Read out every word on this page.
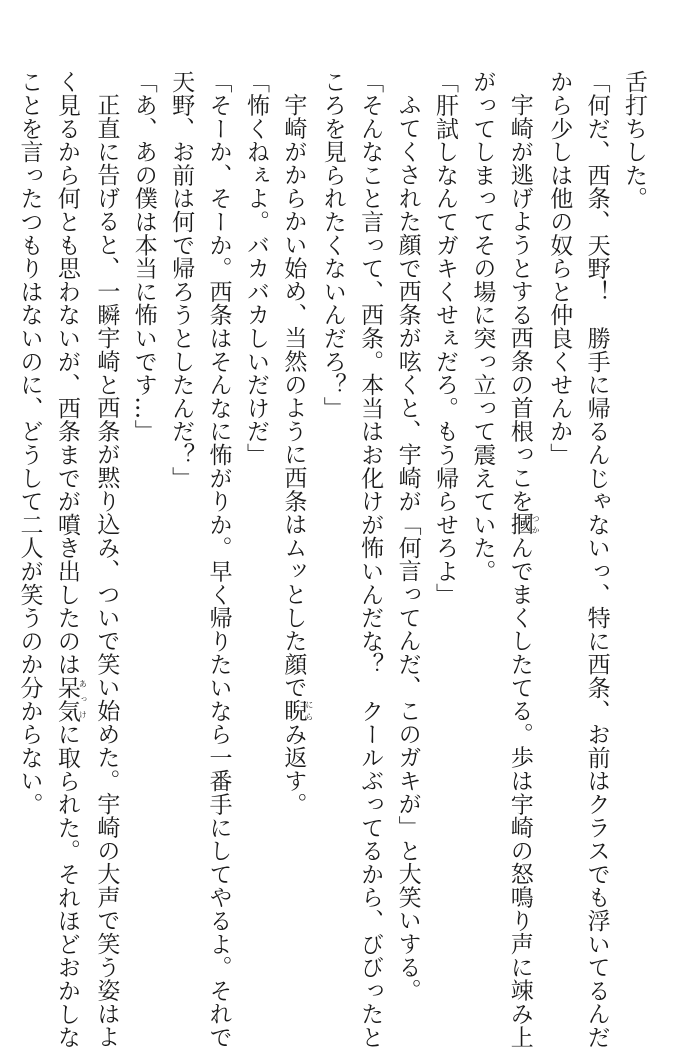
舌打ちした。

「何だ、西条、天野！　勝手に帰るんじゃないっ、特に西条、お前はクラスでも浮いてるんだ

から少しは他の奴らと仲良くせんか」

宇崎が逃げようとする西条の首根っこを摑つかんでまくしたてる。歩は宇崎の怒鳴り声に竦み上

がってしまってその場に突っ立って震えていた。

「肝試しなんてガキくせぇだろ。もう帰らせろよ」

ふてくされた顔で西条が呟くと、宇崎が「何言ってんだ、このガキが」と大笑いする。

「そんなこと言って、西条。本当はお化けが怖いんだな？　クールぶってるから、びびったと

ころを見られたくないんだろ？」

宇崎がからかい始め、当然のように西条はムッとした顔で睨にらみ返す。

「怖くねぇよ。バカバカしいだけだ」

「そーか、そーか。西条はそんなに怖がりか。早く帰りたいなら一番手にしてやるよ。それで

天野、お前は何で帰ろうとしたんだ？」

「あ、あの僕は本当に怖いです…」

正直に告げると、一瞬宇崎と西条が黙り込み、ついで笑い始めた。宇崎の大声で笑う姿はよ

く見るから何とも思わないが、西条までが噴き出したのは呆気あっけに取られた。それほどおかしな

ことを言ったつもりはないのに、どうして二人が笑うのか分からない。
